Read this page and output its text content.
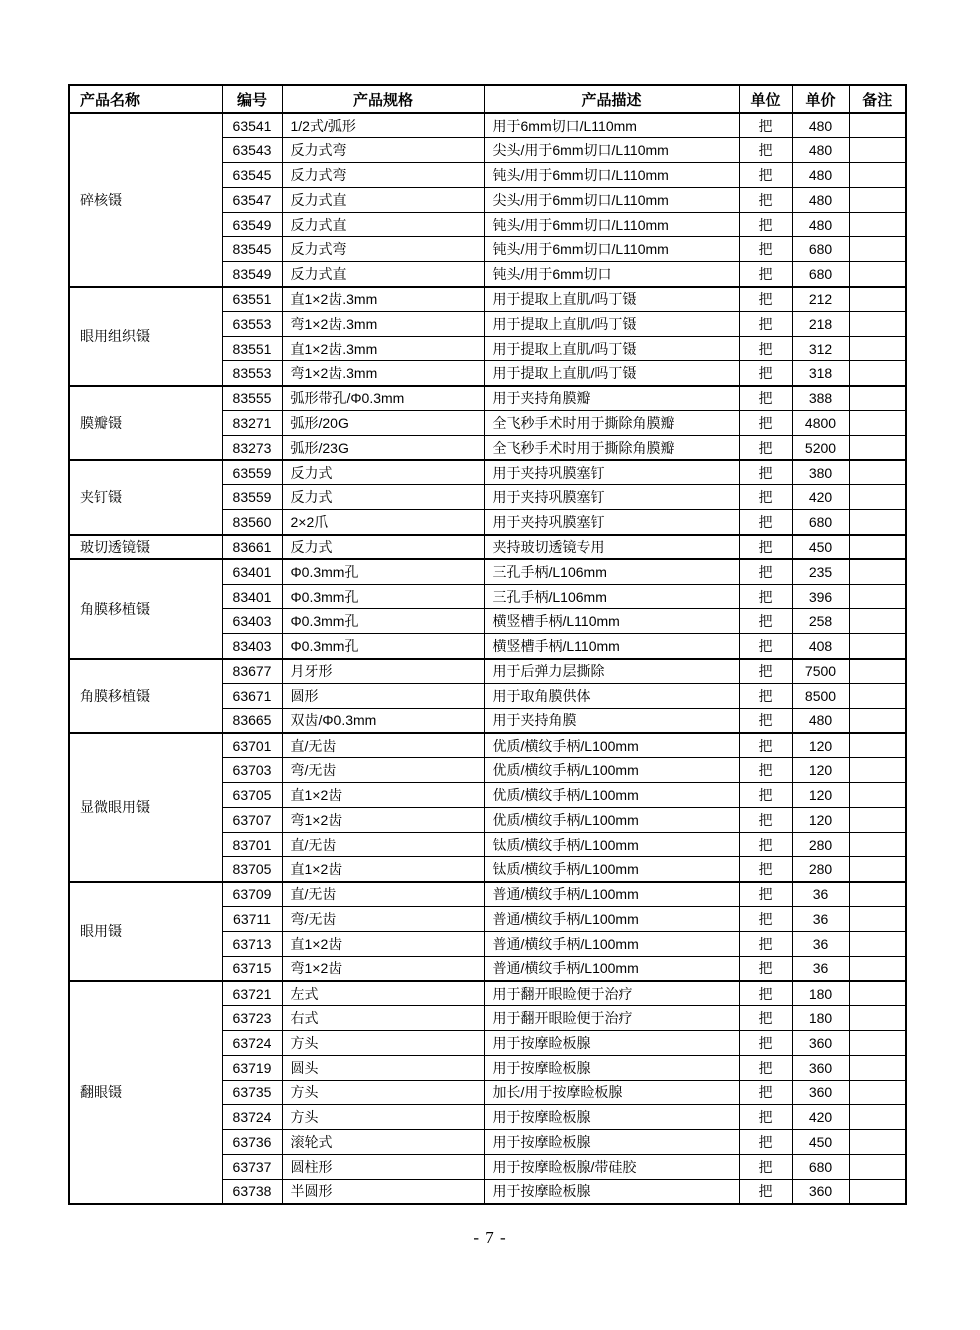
产品名称	编号	产品规格	产品描述	单位	单价	备注
碎核镊	63541	1/2式/弧形	用于6mm切口/L110mm	把	480	
	63543	反力式弯	尖头/用于6mm切口/L110mm	把	480	
	63545	反力式弯	钝头/用于6mm切口/L110mm	把	480	
	63547	反力式直	尖头/用于6mm切口/L110mm	把	480	
	63549	反力式直	钝头/用于6mm切口/L110mm	把	480	
	83545	反力式弯	钝头/用于6mm切口/L110mm	把	680	
	83549	反力式直	钝头/用于6mm切口	把	680	
眼用组织镊	63551	直1×2齿.3mm	用于提取上直肌/吗丁镊	把	212	
	63553	弯1×2齿.3mm	用于提取上直肌/吗丁镊	把	218	
	83551	直1×2齿.3mm	用于提取上直肌/吗丁镊	把	312	
	83553	弯1×2齿.3mm	用于提取上直肌/吗丁镊	把	318	
膜瓣镊	83555	弧形带孔/Φ0.3mm	用于夹持角膜瓣	把	388	
	83271	弧形/20G	全飞秒手术时用于撕除角膜瓣	把	4800	
	83273	弧形/23G	全飞秒手术时用于撕除角膜瓣	把	5200	
夹钉镊	63559	反力式	用于夹持巩膜塞钉	把	380	
	83559	反力式	用于夹持巩膜塞钉	把	420	
	83560	2×2爪	用于夹持巩膜塞钉	把	680	
玻切透镜镊	83661	反力式	夹持玻切透镜专用	把	450	
角膜移植镊	63401	Φ0.3mm孔	三孔手柄/L106mm	把	235	
	83401	Φ0.3mm孔	三孔手柄/L106mm	把	396	
	63403	Φ0.3mm孔	横竖槽手柄/L110mm	把	258	
	83403	Φ0.3mm孔	横竖槽手柄/L110mm	把	408	
角膜移植镊	83677	月牙形	用于后弹力层撕除	把	7500	
	63671	圆形	用于取角膜供体	把	8500	
	83665	双齿/Φ0.3mm	用于夹持角膜	把	480	
显微眼用镊	63701	直/无齿	优质/横纹手柄/L100mm	把	120	
	63703	弯/无齿	优质/横纹手柄/L100mm	把	120	
	63705	直1×2齿	优质/横纹手柄/L100mm	把	120	
	63707	弯1×2齿	优质/横纹手柄/L100mm	把	120	
	83701	直/无齿	钛质/横纹手柄/L100mm	把	280	
	83705	直1×2齿	钛质/横纹手柄/L100mm	把	280	
眼用镊	63709	直/无齿	普通/横纹手柄/L100mm	把	36	
	63711	弯/无齿	普通/横纹手柄/L100mm	把	36	
	63713	直1×2齿	普通/横纹手柄/L100mm	把	36	
	63715	弯1×2齿	普通/横纹手柄/L100mm	把	36	
翻眼镊	63721	左式	用于翻开眼睑便于治疗	把	180	
	63723	右式	用于翻开眼睑便于治疗	把	180	
	63724	方头	用于按摩睑板腺	把	360	
	63719	圆头	用于按摩睑板腺	把	360	
	63735	方头	加长/用于按摩睑板腺	把	360	
	83724	方头	用于按摩睑板腺	把	420	
	63736	滚轮式	用于按摩睑板腺	把	450	
	63737	圆柱形	用于按摩睑板腺/带硅胶	把	680	
	63738	半圆形	用于按摩睑板腺	把	360	
- 7 -
